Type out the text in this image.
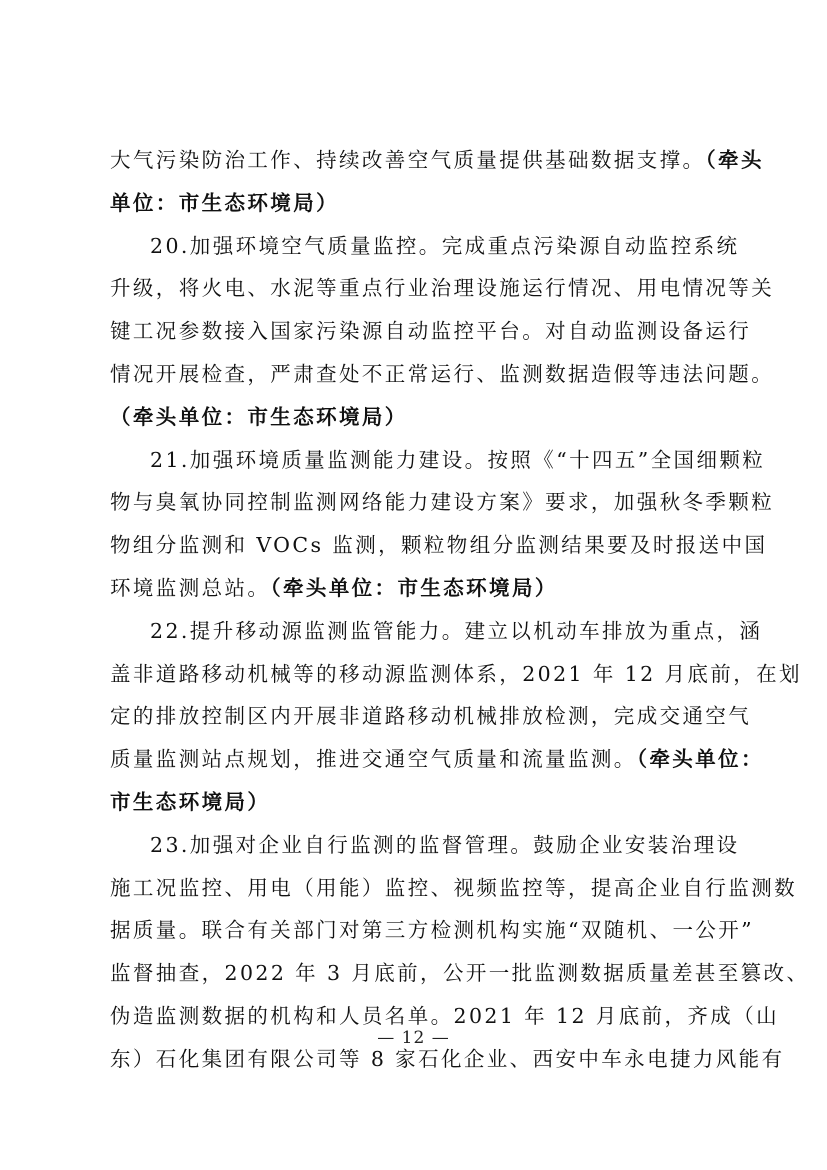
大气污染防治工作、持续改善空气质量提供基础数据支撑。（牵头
单位：市生态环境局）
20.加强环境空气质量监控。完成重点污染源自动监控系统
升级，将火电、水泥等重点行业治理设施运行情况、用电情况等关
键工况参数接入国家污染源自动监控平台。对自动监测设备运行
情况开展检查，严肃查处不正常运行、监测数据造假等违法问题。
（牵头单位：市生态环境局）
21.加强环境质量监测能力建设。按照《“十四五”全国细颗粒
物与臭氧协同控制监测网络能力建设方案》要求，加强秋冬季颗粒
物组分监测和 VOCs 监测，颗粒物组分监测结果要及时报送中国
环境监测总站。（牵头单位：市生态环境局）
22.提升移动源监测监管能力。建立以机动车排放为重点，涵
盖非道路移动机械等的移动源监测体系，2021 年 12 月底前，在划
定的排放控制区内开展非道路移动机械排放检测，完成交通空气
质量监测站点规划，推进交通空气质量和流量监测。（牵头单位：
市生态环境局）
23.加强对企业自行监测的监督管理。鼓励企业安装治理设
施工况监控、用电（用能）监控、视频监控等，提高企业自行监测数
据质量。联合有关部门对第三方检测机构实施“双随机、一公开”
监督抽查，2022 年 3 月底前，公开一批监测数据质量差甚至篡改、
伪造监测数据的机构和人员名单。2021 年 12 月底前，齐成（山
东）石化集团有限公司等 8 家石化企业、西安中车永电捷力风能有
— 12 —
